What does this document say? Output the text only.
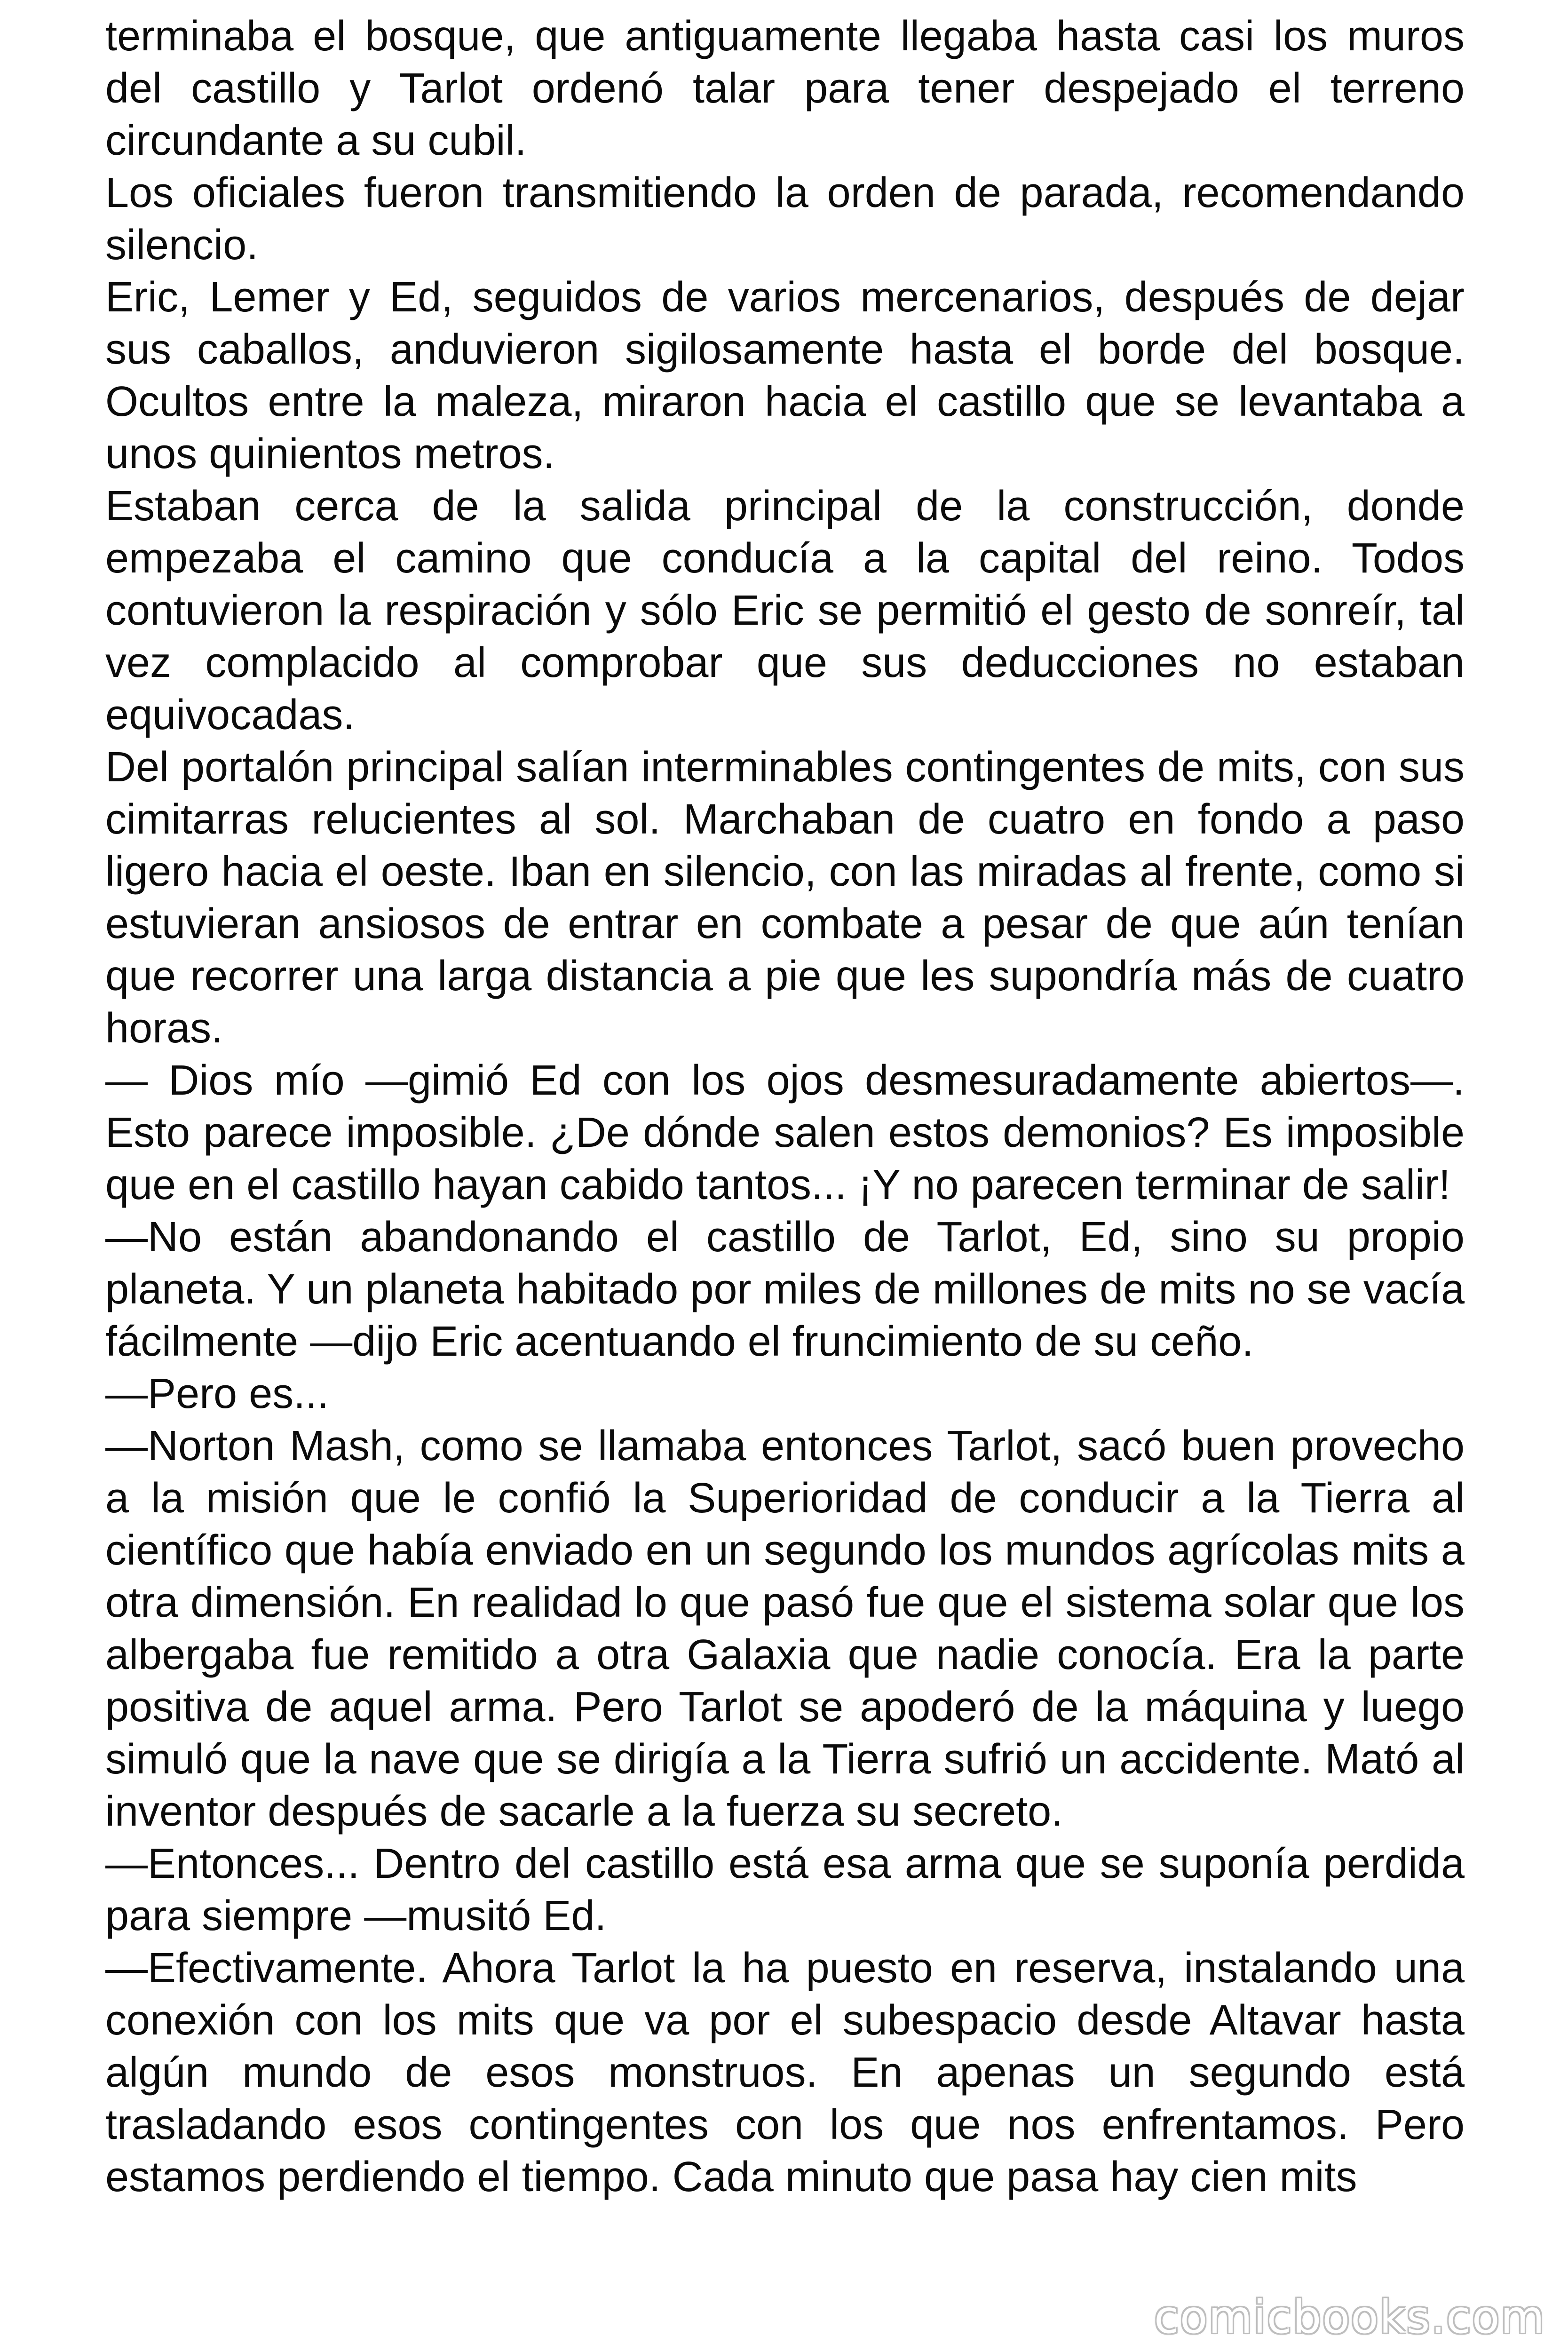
terminaba el bosque, que antiguamente llegaba hasta casi los muros del castillo y Tarlot ordenó talar para tener despejado el terreno circundante a su cubil.

Los oficiales fueron transmitiendo la orden de parada, recomendando silencio.

Eric, Lemer y Ed, seguidos de varios mercenarios, después de dejar sus caballos, anduvieron sigilosamente hasta el borde del bosque. Ocultos entre la maleza, miraron hacia el castillo que se levantaba a unos quinientos metros.

Estaban cerca de la salida principal de la construcción, donde empezaba el camino que conducía a la capital del reino. Todos contuvieron la respiración y sólo Eric se permitió el gesto de sonreír, tal vez complacido al comprobar que sus deducciones no estaban equivocadas.

Del portalón principal salían interminables contingentes de mits, con sus cimitarras relucientes al sol. Marchaban de cuatro en fondo a paso ligero hacia el oeste. Iban en silencio, con las miradas al frente, como si estuvieran ansiosos de entrar en combate a pesar de que aún tenían que recorrer una larga distancia a pie que les supondría más de cuatro horas.

— Dios mío —gimió Ed con los ojos desmesuradamente abiertos—. Esto parece imposible. ¿De dónde salen estos demonios? Es imposible que en el castillo hayan cabido tantos... ¡Y no parecen terminar de salir!

—No están abandonando el castillo de Tarlot, Ed, sino su propio planeta. Y un planeta habitado por miles de millones de mits no se vacía fácilmente —dijo Eric acentuando el fruncimiento de su ceño.

—Pero es...

—Norton Mash, como se llamaba entonces Tarlot, sacó buen provecho a la misión que le confió la Superioridad de conducir a la Tierra al científico que había enviado en un segundo los mundos agrícolas mits a otra dimensión. En realidad lo que pasó fue que el sistema solar que los albergaba fue remitido a otra Galaxia que nadie conocía. Era la parte positiva de aquel arma. Pero Tarlot se apoderó de la máquina y luego simuló que la nave que se dirigía a la Tierra sufrió un accidente. Mató al inventor después de sacarle a la fuerza su secreto.

—Entonces... Dentro del castillo está esa arma que se suponía perdida para siempre —musitó Ed.

—Efectivamente. Ahora Tarlot la ha puesto en reserva, instalando una conexión con los mits que va por el subespacio desde Altavar hasta algún mundo de esos monstruos. En apenas un segundo está trasladando esos contingentes con los que nos enfrentamos. Pero estamos perdiendo el tiempo. Cada minuto que pasa hay cien mits

comicbooks.com
